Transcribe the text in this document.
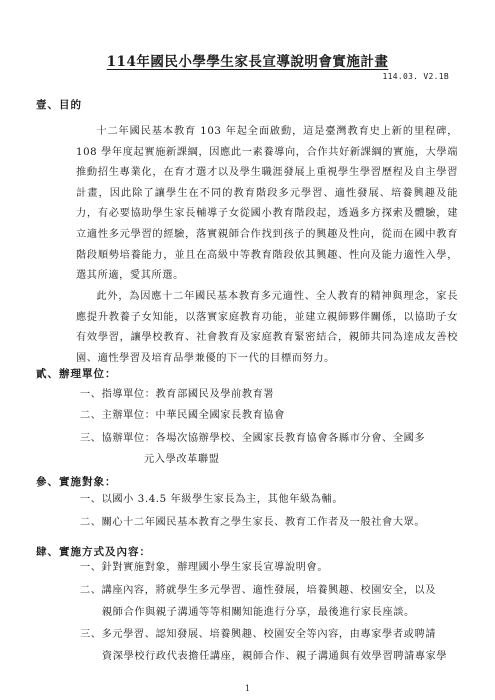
114年國民小學學生家長宣導說明會實施計畫
114.03. V2.1B
壹、目的

十二年國民基本教育 103 年起全面啟動，這是臺灣教育史上新的里程碑，108 學年度起實施新課綱，因應此一素養導向，合作共好新課綱的實施，大學端推動招生專業化，在育才選才以及學生職涯發展上重視學生學習歷程及自主學習計畫，因此除了讓學生在不同的教育階段多元學習、適性發展、培養興趣及能力，有必要協助學生家長輔導子女從國小教育階段起，透過多方探索及體驗，建立適性多元學習的經驗，落實親師合作找到孩子的興趣及性向，從而在國中教育階段順勢培養能力，並且在高級中等教育階段依其興趣、性向及能力適性入學，選其所適，愛其所選。

此外，為因應十二年國民基本教育多元適性、全人教育的精神與理念，家長應提升教養子女知能，以落實家庭教育功能，並建立親師夥伴關係，以協助子女有效學習，讓學校教育、社會教育及家庭教育緊密結合，親師共同為達成友善校園、適性學習及培育品學兼優的下一代的目標而努力。

貳、辦理單位：
一、指導單位：教育部國民及學前教育署
二、主辦單位：中華民國全國家長教育協會
三、協辦單位：各場次協辦學校、全國家長教育協會各縣市分會、全國多
元入學改革聯盟
參、實施對象：
一、以國小 3.4.5 年級學生家長為主，其他年級為輔。
二、關心十二年國民基本教育之學生家長、教育工作者及一般社會大眾。
肆、實施方式及內容：
一、針對實施對象，辦理國小學生家長宣導說明會。
二、講座內容，將就學生多元學習、適性發展，培養興趣、校園安全，以及
親師合作與親子溝通等等相關知能進行分享，最後進行家長座談。
三、多元學習、認知發展、培養興趣、校園安全等內容，由專家學者或聘請
資深學校行政代表擔任講座，親師合作、親子溝通與有效學習聘請專家學
1
